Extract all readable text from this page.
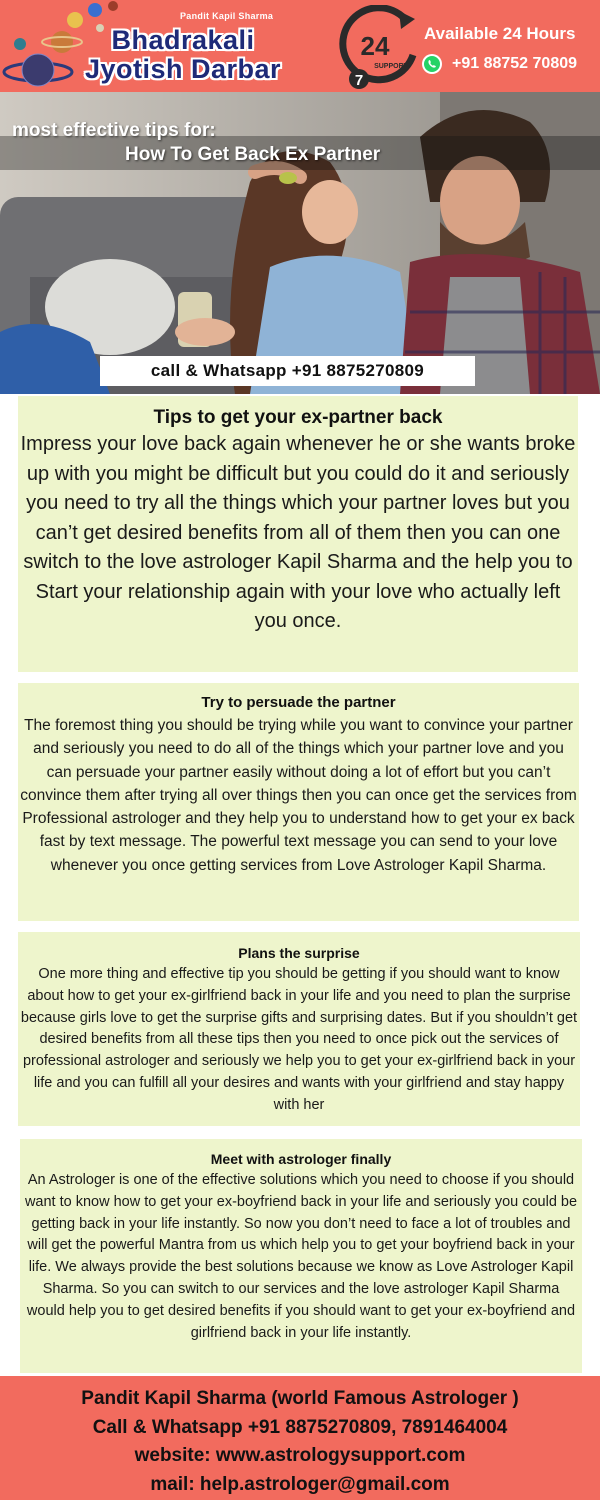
Pandit Kapil Sharma
Bhadrakali
Jyotish Darbar
24
SUPPORT
7
Available 24 Hours
+91 88752 70809
most effective tips for:
How To Get Back Ex Partner
call & Whatsapp +91 8875270809
Tips to get your ex-partner back

Impress your love back again whenever he or she wants broke up with you might be difficult but you could do it and seriously you need to try all the things which your partner loves but you can’t get desired benefits from all of them then you can one switch to the love astrologer Kapil Sharma and the help you to Start your relationship again with your love who actually left you once.

Try to persuade the partner

The foremost thing you should be trying while you want to convince your partner and seriously you need to do all of the things which your partner love and you can persuade your partner easily without doing a lot of effort but you can’t convince them after trying all over things then you can once get the services from Professional astrologer and they help you to understand how to get your ex back fast by text message. The powerful text message you can send to your love whenever you once getting services from Love Astrologer Kapil Sharma.

Plans the surprise

One more thing and effective tip you should be getting if you should want to know about how to get your ex-girlfriend back in your life and you need to plan the surprise because girls love to get the surprise gifts and surprising dates. But if you shouldn’t get desired benefits from all these tips then you need to once pick out the services of professional astrologer and seriously we help you to get your ex-girlfriend back in your life and you can fulfill all your desires and wants with your girlfriend and stay happy with her

Meet with astrologer finally

An Astrologer is one of the effective solutions which you need to choose if you should want to know how to get your ex-boyfriend back in your life and seriously you could be getting back in your life instantly. So now you don’t need to face a lot of troubles and will get the powerful Mantra from us which help you to get your boyfriend back in your life. We always provide the best solutions because we know as Love Astrologer Kapil Sharma. So you can switch to our services and the love astrologer Kapil Sharma would help you to get desired benefits if you should want to get your ex-boyfriend and girlfriend back in your life instantly.

Pandit Kapil Sharma (world Famous Astrologer )
Call & Whatsapp +91 8875270809, 7891464004
website: www.astrologysupport.com
mail: help.astrologer@gmail.com
